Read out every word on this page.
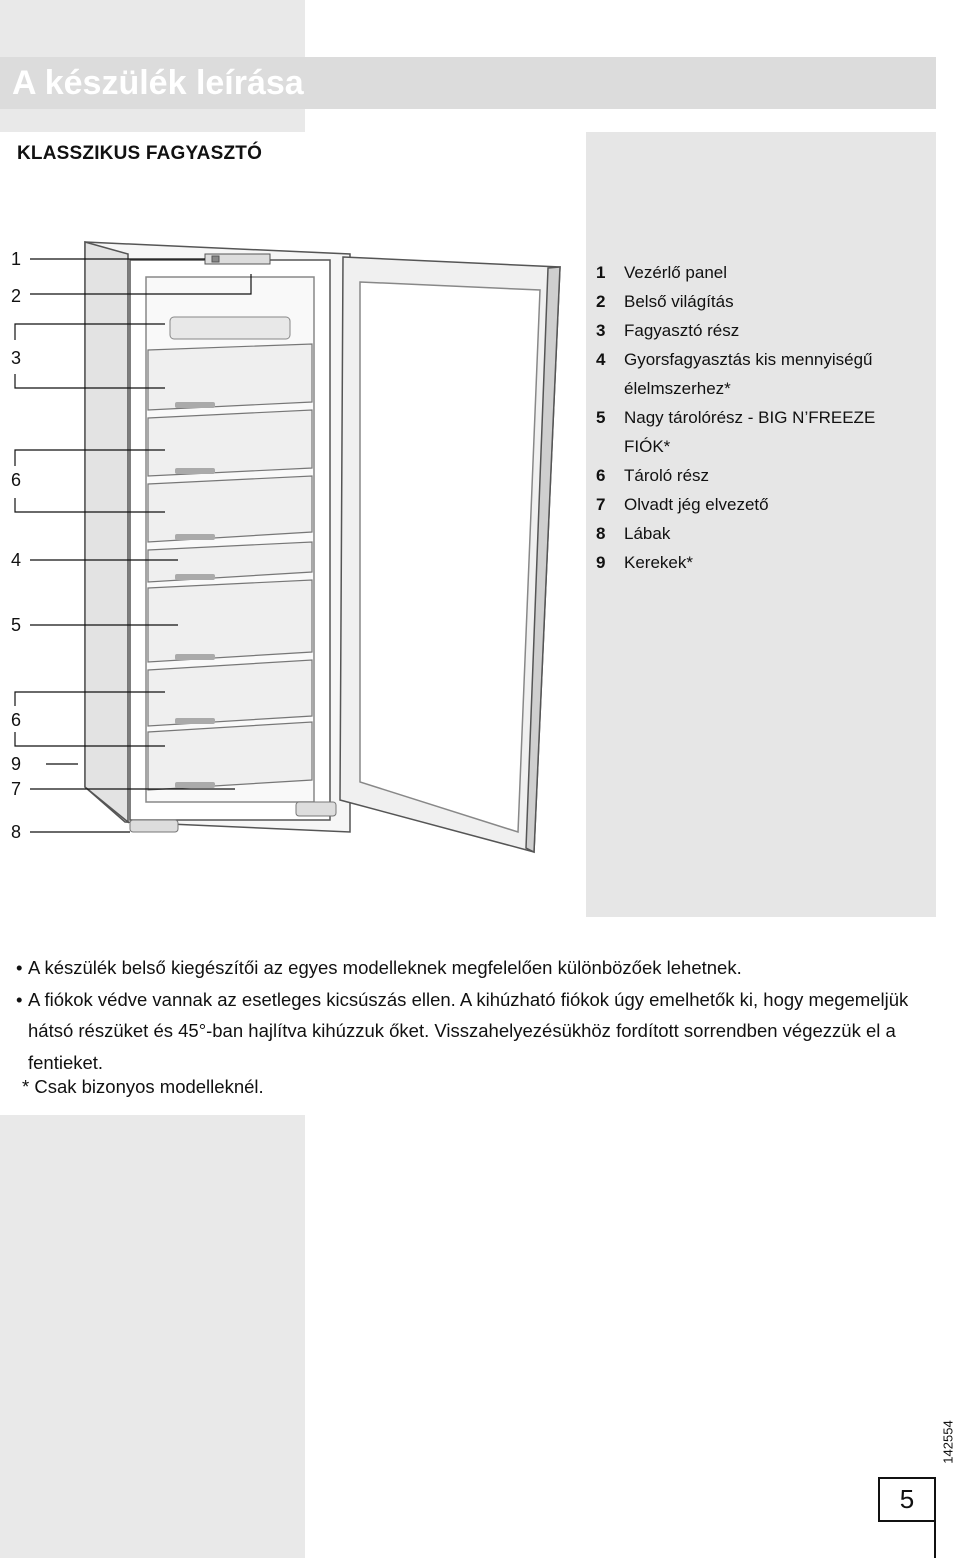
A készülék leírása
KLASSZIKUS FAGYASZTÓ
1	Vezérlő panel
2	Belső világítás
3	Fagyasztó rész
4	Gyorsfagyasztás kis mennyiségű
élelmszerhez*
5	Nagy tárolórész - BIG N’FREEZE
FIÓK*
6	Tároló rész
7	Olvadt jég elvezető
8	Lábak
9	Kerekek*
1
2
3
6
4
5
6
9
7
8
• A készülék belső kiegészítői az egyes modelleknek megfelelően különbözőek lehetnek.
• A fiókok védve vannak az esetleges kicsúszás ellen. A kihúzható fiókok úgy emelhetők ki, hogy megemeljük hátsó részüket és 45°-ban hajlítva kihúzzuk őket. Visszahelyezésükhöz fordított sorrendben végezzük el a fentieket.
* Csak bizonyos modelleknél.
142554
5
